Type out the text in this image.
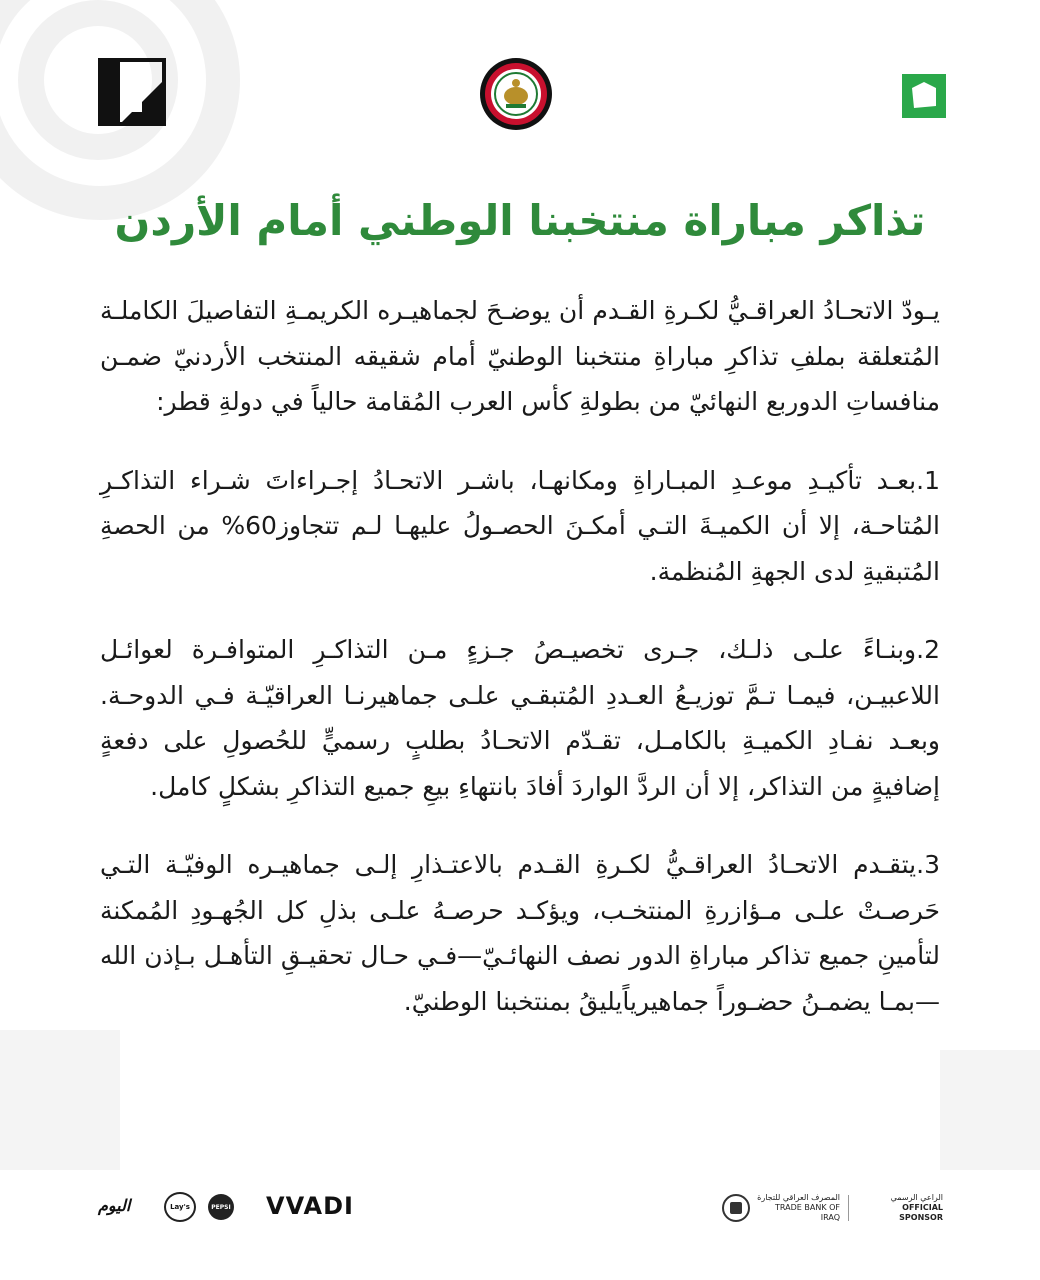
تذاكر مباراة منتخبنا الوطني أمام الأردن

يـودّ الاتحـادُ العراقـيُّ لكـرةِ القـدم أن يوضـحَ لجماهيـره الكريمـةِ التفاصيلَ الكاملـة المُتعلقة بملفِ تذاكرِ مباراةِ منتخبنا الوطنيّ أمام شقيقه المنتخب الأردنيّ ضمـن منافساتِ الدوربع النهائيّ من بطولةِ كأس العرب المُقامة حالياً في دولةِ قطر:

1.بعـد تأكيـدِ موعـدِ المبـاراةِ ومكانهـا، باشـر الاتحـادُ إجـراءاتَ شـراء التذاكـرِ المُتاحـة، إلا أن الكميـةَ التـي أمكـنَ الحصـولُ عليهـا لـم تتجاوز60% من الحصةِ المُتبقيةِ لدى الجهةِ المُنظمة.

2.وبنـاءً علـى ذلـك، جـرى تخصيـصُ جـزءٍ مـن التذاكـرِ المتوافـرة لعوائـل اللاعبيـن، فيمـا تـمَّ توزيـعُ العـددِ المُتبقـي علـى جماهيرنـا العراقيّـة فـي الدوحـة. وبعـد نفـادِ الكميـةِ بالكامـل، تقـدّم الاتحـادُ بطلبٍ رسميٍّ للحُصولِ على دفعةٍ إضافيةٍ من التذاكر، إلا أن الردَّ الواردَ أفادَ بانتهاءِ بيعِ جميع التذاكرِ بشكلٍ كامل.

3.يتقـدم الاتحـادُ العراقـيُّ لكـرةِ القـدم بالاعتـذارِ إلـى جماهيـره الوفيّـة التـي حَرصـتْ علـى مـؤازرةِ المنتخـب، ويؤكـد حرصـهُ علـى بذلِ كل الجُهـودِ المُمكنة لتأمينِ جميع تذاكر مباراةِ الدور نصف النهائـيّ—فـي حـال تحقيـقِ التأهـل بـإذن الله—بمـا يضمـنُ حضـوراً جماهيرياًيليقُ بمنتخبنا الوطنيّ.

اليوم	Lay's	PEPSI VVADI	المصرف العراقي للتجارة
TRADE BANK OF IRAQ
الراعي الرسمي
OFFICIAL SPONSOR
